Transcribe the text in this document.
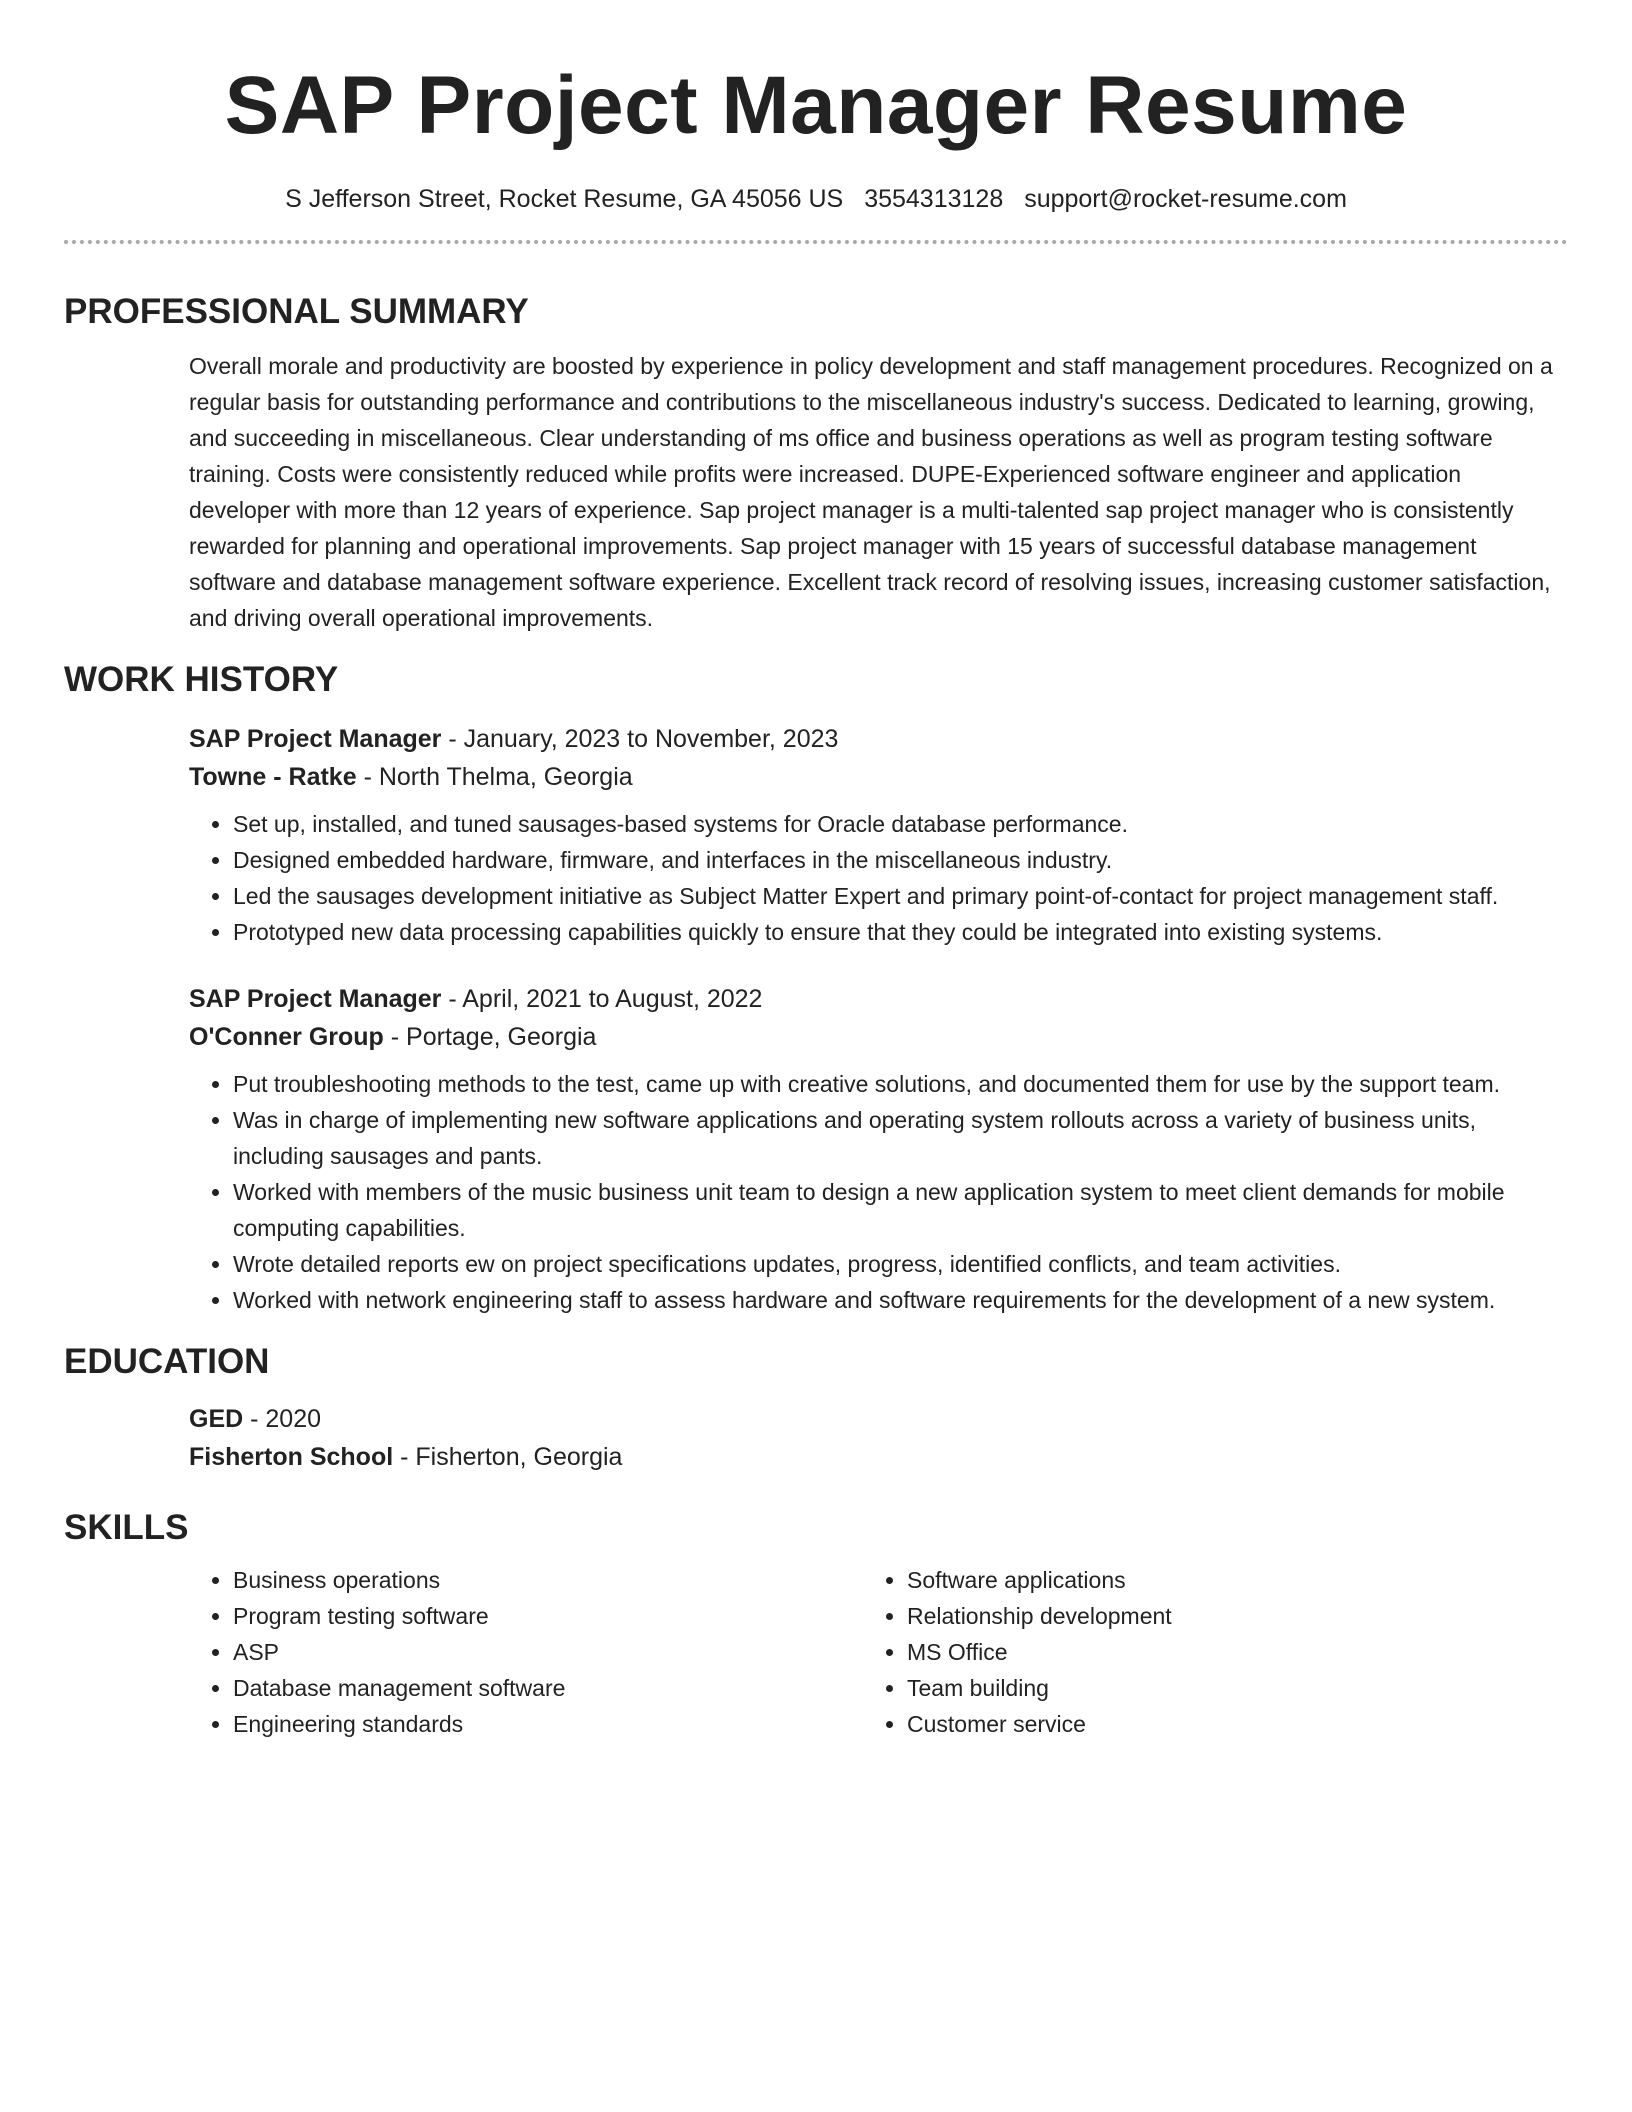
SAP Project Manager Resume
S Jefferson Street, Rocket Resume, GA 45056 US 3554313128 support@rocket-resume.com
PROFESSIONAL SUMMARY

Overall morale and productivity are boosted by experience in policy development and staff management procedures. Recognized on a regular basis for outstanding performance and contributions to the miscellaneous industry's success. Dedicated to learning, growing, and succeeding in miscellaneous. Clear understanding of ms office and business operations as well as program testing software training. Costs were consistently reduced while profits were increased. DUPE-Experienced software engineer and application developer with more than 12 years of experience. Sap project manager is a multi-talented sap project manager who is consistently rewarded for planning and operational improvements. Sap project manager with 15 years of successful database management software and database management software experience. Excellent track record of resolving issues, increasing customer satisfaction, and driving overall operational improvements.

WORK HISTORY
SAP Project Manager - January, 2023 to November, 2023
Towne - Ratke - North Thelma, Georgia
• Set up, installed, and tuned sausages-based systems for Oracle database performance.
• Designed embedded hardware, firmware, and interfaces in the miscellaneous industry.
• Led the sausages development initiative as Subject Matter Expert and primary point-of-contact for project management staff.
• Prototyped new data processing capabilities quickly to ensure that they could be integrated into existing systems.
SAP Project Manager - April, 2021 to August, 2022
O'Conner Group - Portage, Georgia
• Put troubleshooting methods to the test, came up with creative solutions, and documented them for use by the support team.
• Was in charge of implementing new software applications and operating system rollouts across a variety of business units, including sausages and pants.
• Worked with members of the music business unit team to design a new application system to meet client demands for mobile computing capabilities.
• Wrote detailed reports ew on project specifications updates, progress, identified conflicts, and team activities.
• Worked with network engineering staff to assess hardware and software requirements for the development of a new system.
EDUCATION
GED - 2020
Fisherton School - Fisherton, Georgia
SKILLS
• Business operations
• Program testing software
• ASP
• Database management software
• Engineering standards
• Software applications
• Relationship development
• MS Office
• Team building
• Customer service
